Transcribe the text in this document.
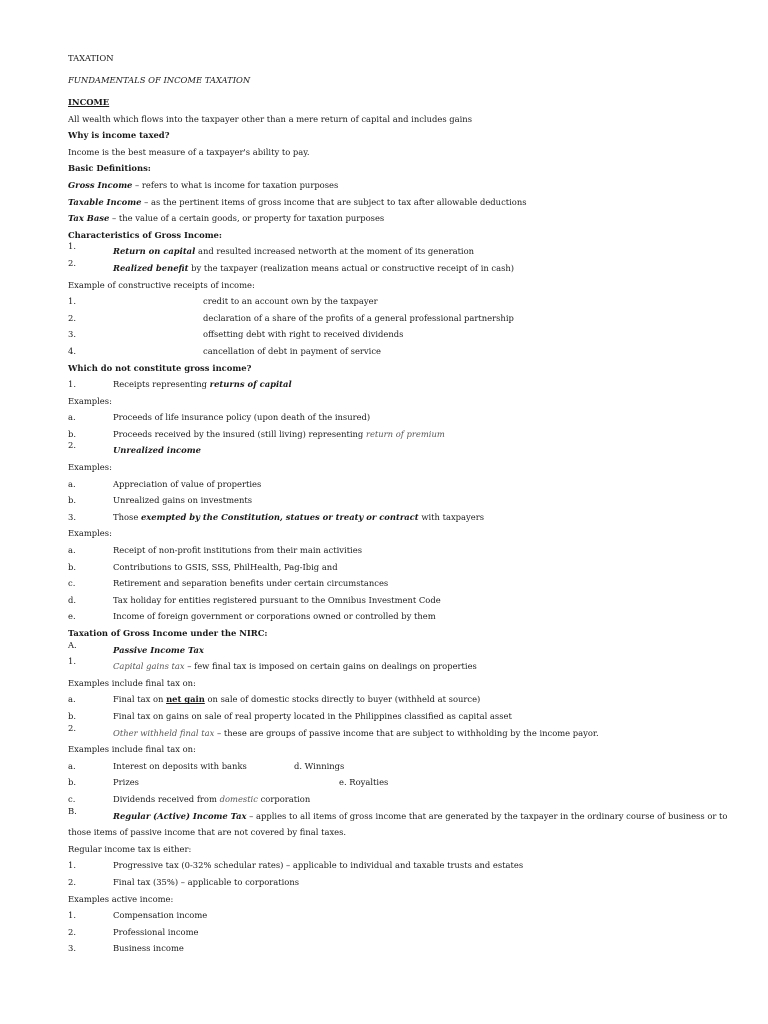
TAXATION
FUNDAMENTALS OF INCOME TAXATION
INCOME
All wealth which flows into the taxpayer other than a mere return of capital and includes gains
Why is income taxed?
Income is the best measure of a taxpayer's ability to pay.
Basic Definitions:
Gross Income – refers to what is income for taxation purposes
Taxable Income – as the pertinent items of gross income that are subject to tax after allowable deductions
Tax Base – the value of a certain goods, or property for taxation purposes
Characteristics of Gross Income:
1.	Return on capital and resulted increased networth at the moment of its generation
2.	Realized benefit by the taxpayer (realization means actual or constructive receipt of in cash)
Example of constructive receipts of income:
1.	credit to an account own by the taxpayer
2.	declaration of a share of the profits of a general professional partnership
3.	offsetting debt with right to received dividends
4.	cancellation of debt in payment of service
Which do not constitute gross income?
1.	Receipts representing returns of capital
Examples:
a.	Proceeds of life insurance policy (upon death of the insured)
b.	Proceeds received by the insured (still living) representing return of premium
2.	Unrealized income
Examples:
a.	Appreciation of value of properties
b.	Unrealized gains on investments
3.	Those exempted by the Constitution, statues or treaty or contract with taxpayers
Examples:
a.	Receipt of non-profit institutions from their main activities
b.	Contributions to GSIS, SSS, PhilHealth, Pag-Ibig and
c.	Retirement and separation benefits under certain circumstances
d.	Tax holiday for entities registered pursuant to the Omnibus Investment Code
e.	Income of foreign government or corporations owned or controlled by them
Taxation of Gross Income under the NIRC:
A.	Passive Income Tax
1.	Capital gains tax – few final tax is imposed on certain gains on dealings on properties
Examples include final tax on:
a.	Final tax on net gain on sale of domestic stocks directly to buyer (withheld at source)
b.	Final tax on gains on sale of real property located in the Philippines classified as capital asset
2.	Other withheld final tax – these are groups of passive income that are subject to withholding by the income payor.
Examples include final tax on:
a.	Interest on deposits with banks	d. Winnings
b.	Prizes	e. Royalties
c.	Dividends received from domestic corporation
B.	Regular (Active) Income Tax – applies to all items of gross income that are generated by the taxpayer in the ordinary course of business or to
those items of passive income that are not covered by final taxes.
Regular income tax is either:
1.	Progressive tax (0-32% schedular rates) – applicable to individual and taxable trusts and estates
2.	Final tax (35%) – applicable to corporations
Examples active income:
1.	Compensation income
2.	Professional income
3.	Business income
